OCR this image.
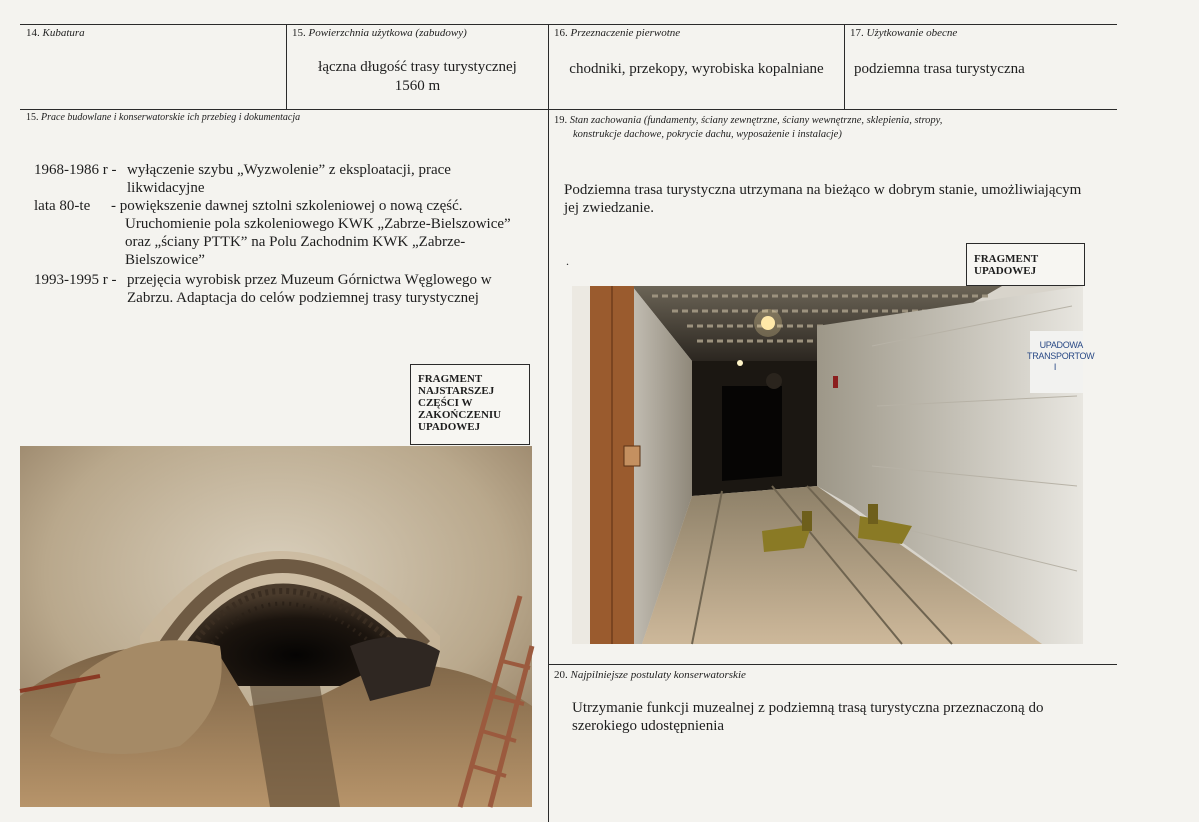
14. Kubatura	15. Powierzchnia użytkowa (zabudowy)
łączna długość trasy turystycznej
1560 m
16. Przeznaczenie pierwotne
chodniki, przekopy, wyrobiska kopalniane
17. Użytkowanie obecne
podziemna trasa turystyczna
15. Prace budowlane i konserwatorskie ich przebieg i dokumentacja
1968-1986 r - wyłączenie szybu „Wyzwolenie” z eksploatacji, prace
likwidacyjne
lata 80-te - powiększenie dawnej sztolni szkoleniowej o nową część.
Uruchomienie pola szkoleniowego KWK „Zabrze-Bielszowice”
oraz „ściany PTTK” na Polu Zachodnim KWK „Zabrze-
Bielszowice”
1993-1995 r - przejęcia wyrobisk przez Muzeum Górnictwa Węglowego w
Zabrzu. Adaptacja do celów podziemnej trasy turystycznej
19. Stan zachowania (fundamenty, ściany zewnętrzne, ściany wewnętrzne, sklepienia, stropy,
konstrukcje dachowe, pokrycie dachu, wyposażenie i instalacje)
Podziemna trasa turystyczna utrzymana na bieżąco w dobrym stanie, umożliwiającym
jej zwiedzanie.
.
20. Najpilniejsze postulaty konserwatorskie
Utrzymanie funkcji muzealnej z podziemną trasą turystyczna przeznaczoną do
szerokiego udostępnienia
FRAGMENT
NAJSTARSZEJ
CZĘŚCI W
ZAKOŃCZENIU
UPADOWEJ
FRAGMENT
UPADOWEJ
UPADOWA
TRANSPORTOW
I
